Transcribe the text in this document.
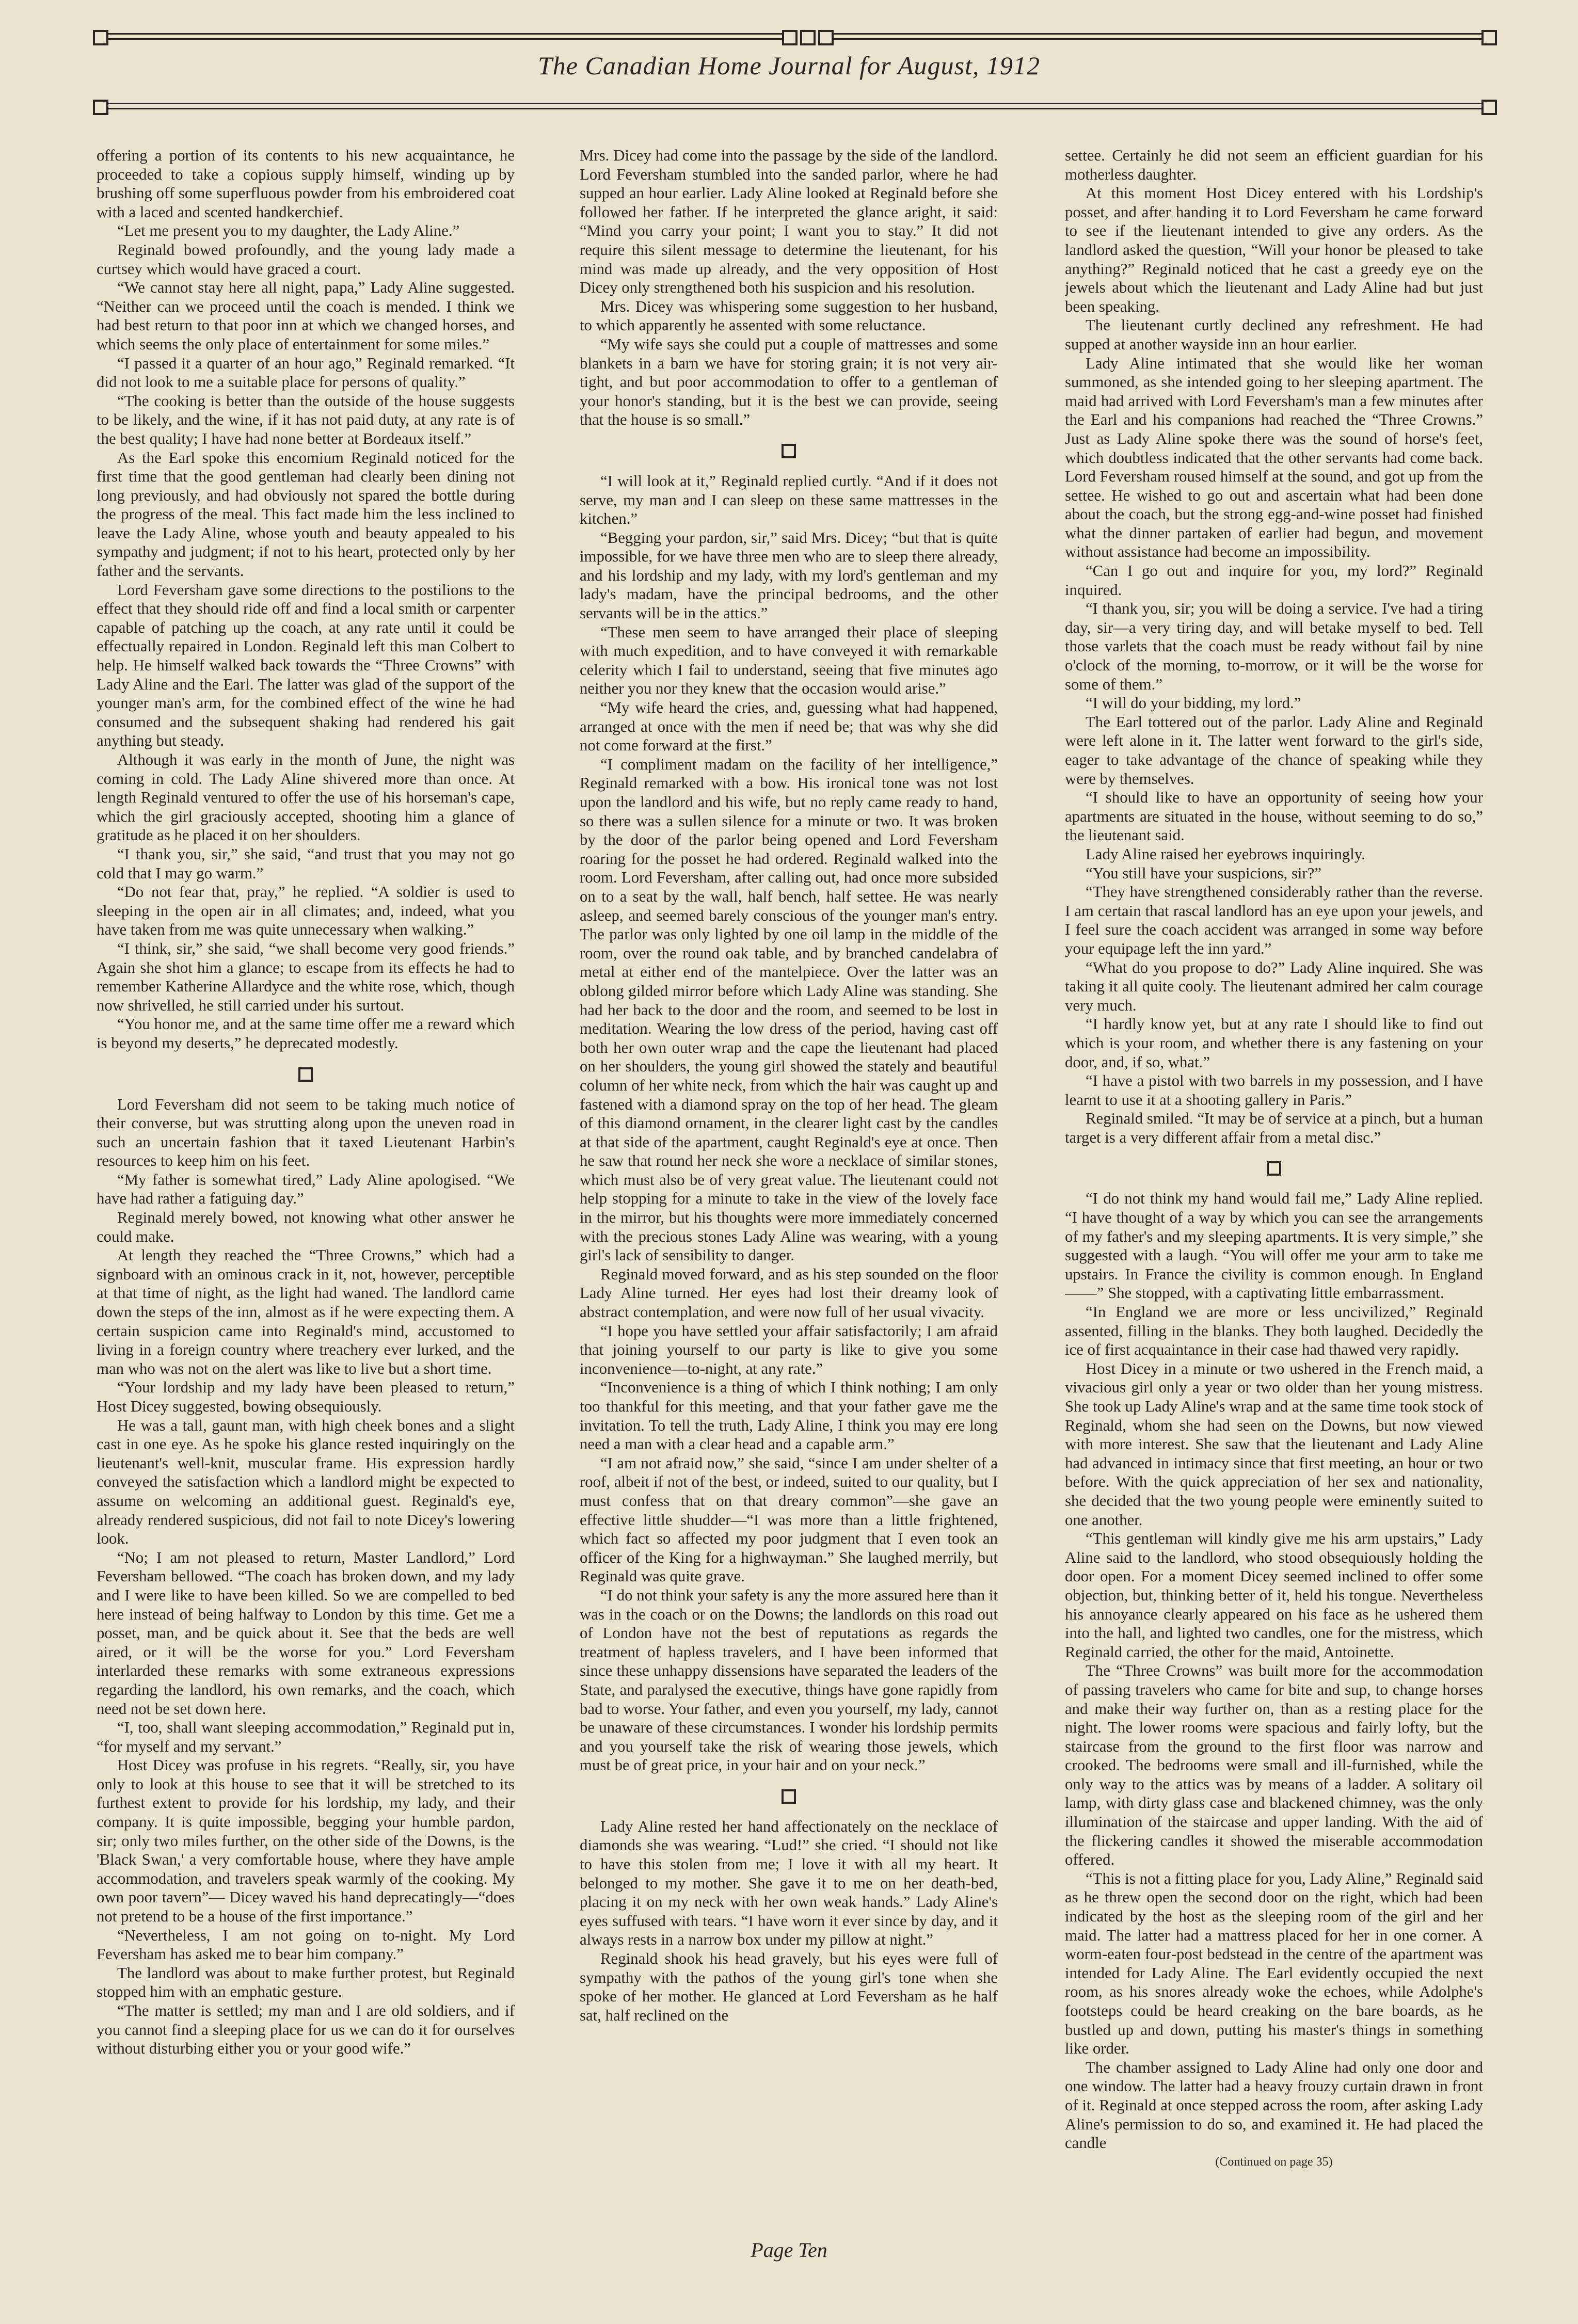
The Canadian Home Journal for August, 1912

offering a portion of its contents to his new acquaintance, he proceeded to take a copious supply himself, winding up by brushing off some superfluous powder from his embroidered coat with a laced and scented handkerchief.

“Let me present you to my daughter, the Lady Aline.”

Reginald bowed profoundly, and the young lady made a curtsey which would have graced a court.

“We cannot stay here all night, papa,” Lady Aline suggested. “Neither can we proceed until the coach is mended. I think we had best return to that poor inn at which we changed horses, and which seems the only place of entertainment for some miles.”

“I passed it a quarter of an hour ago,” Reginald remarked. “It did not look to me a suitable place for persons of quality.”

“The cooking is better than the outside of the house suggests to be likely, and the wine, if it has not paid duty, at any rate is of the best quality; I have had none better at Bordeaux itself.”

As the Earl spoke this encomium Reginald noticed for the first time that the good gentleman had clearly been dining not long previously, and had obviously not spared the bottle during the progress of the meal. This fact made him the less inclined to leave the Lady Aline, whose youth and beauty appealed to his sympathy and judgment; if not to his heart, protected only by her father and the servants.

Lord Feversham gave some directions to the postilions to the effect that they should ride off and find a local smith or carpenter capable of patching up the coach, at any rate until it could be effectually repaired in London. Reginald left this man Colbert to help. He himself walked back towards the “Three Crowns” with Lady Aline and the Earl. The latter was glad of the support of the younger man's arm, for the combined effect of the wine he had consumed and the subsequent shaking had rendered his gait anything but steady.

Although it was early in the month of June, the night was coming in cold. The Lady Aline shivered more than once. At length Reginald ventured to offer the use of his horseman's cape, which the girl graciously accepted, shooting him a glance of gratitude as he placed it on her shoulders.

“I thank you, sir,” she said, “and trust that you may not go cold that I may go warm.”

“Do not fear that, pray,” he replied. “A soldier is used to sleeping in the open air in all climates; and, indeed, what you have taken from me was quite unnecessary when walking.”

“I think, sir,” she said, “we shall become very good friends.” Again she shot him a glance; to escape from its effects he had to remember Katherine Allardyce and the white rose, which, though now shrivelled, he still carried under his surtout.

“You honor me, and at the same time offer me a reward which is beyond my deserts,” he deprecated modestly.

Lord Feversham did not seem to be taking much notice of their converse, but was strutting along upon the uneven road in such an uncertain fashion that it taxed Lieutenant Harbin's resources to keep him on his feet.

“My father is somewhat tired,” Lady Aline apologised. “We have had rather a fatiguing day.”

Reginald merely bowed, not knowing what other answer he could make.

At length they reached the “Three Crowns,” which had a signboard with an ominous crack in it, not, however, perceptible at that time of night, as the light had waned. The landlord came down the steps of the inn, almost as if he were expecting them. A certain suspicion came into Reginald's mind, accustomed to living in a foreign country where treachery ever lurked, and the man who was not on the alert was like to live but a short time.

“Your lordship and my lady have been pleased to return,” Host Dicey suggested, bowing obsequiously.

He was a tall, gaunt man, with high cheek bones and a slight cast in one eye. As he spoke his glance rested inquiringly on the lieutenant's well-knit, muscular frame. His expression hardly conveyed the satisfaction which a landlord might be expected to assume on welcoming an additional guest. Reginald's eye, already rendered suspicious, did not fail to note Dicey's lowering look.

“No; I am not pleased to return, Master Landlord,” Lord Feversham bellowed. “The coach has broken down, and my lady and I were like to have been killed. So we are compelled to bed here instead of being halfway to London by this time. Get me a posset, man, and be quick about it. See that the beds are well aired, or it will be the worse for you.” Lord Feversham interlarded these remarks with some extraneous expressions regarding the landlord, his own remarks, and the coach, which need not be set down here.

“I, too, shall want sleeping accommodation,” Reginald put in, “for myself and my servant.”

Host Dicey was profuse in his regrets. “Really, sir, you have only to look at this house to see that it will be stretched to its furthest extent to provide for his lordship, my lady, and their company. It is quite impossible, begging your humble pardon, sir; only two miles further, on the other side of the Downs, is the 'Black Swan,' a very comfortable house, where they have ample accommodation, and travelers speak warmly of the cooking. My own poor tavern”— Dicey waved his hand deprecatingly—“does not pretend to be a house of the first importance.”

“Nevertheless, I am not going on to-night. My Lord Feversham has asked me to bear him company.”

The landlord was about to make further protest, but Reginald stopped him with an emphatic gesture.

“The matter is settled; my man and I are old soldiers, and if you cannot find a sleeping place for us we can do it for ourselves without disturbing either you or your good wife.”

Mrs. Dicey had come into the passage by the side of the landlord. Lord Feversham stumbled into the sanded parlor, where he had supped an hour earlier. Lady Aline looked at Reginald before she followed her father. If he interpreted the glance aright, it said: “Mind you carry your point; I want you to stay.” It did not require this silent message to determine the lieutenant, for his mind was made up already, and the very opposition of Host Dicey only strengthened both his suspicion and his resolution.

Mrs. Dicey was whispering some suggestion to her husband, to which apparently he assented with some reluctance.

“My wife says she could put a couple of mattresses and some blankets in a barn we have for storing grain; it is not very air-tight, and but poor accommodation to offer to a gentleman of your honor's standing, but it is the best we can provide, seeing that the house is so small.”

“I will look at it,” Reginald replied curtly. “And if it does not serve, my man and I can sleep on these same mattresses in the kitchen.”

“Begging your pardon, sir,” said Mrs. Dicey; “but that is quite impossible, for we have three men who are to sleep there already, and his lordship and my lady, with my lord's gentleman and my lady's madam, have the principal bedrooms, and the other servants will be in the attics.”

“These men seem to have arranged their place of sleeping with much expedition, and to have conveyed it with remarkable celerity which I fail to understand, seeing that five minutes ago neither you nor they knew that the occasion would arise.”

“My wife heard the cries, and, guessing what had happened, arranged at once with the men if need be; that was why she did not come forward at the first.”

“I compliment madam on the facility of her intelligence,” Reginald remarked with a bow. His ironical tone was not lost upon the landlord and his wife, but no reply came ready to hand, so there was a sullen silence for a minute or two. It was broken by the door of the parlor being opened and Lord Feversham roaring for the posset he had ordered. Reginald walked into the room. Lord Feversham, after calling out, had once more subsided on to a seat by the wall, half bench, half settee. He was nearly asleep, and seemed barely conscious of the younger man's entry. The parlor was only lighted by one oil lamp in the middle of the room, over the round oak table, and by branched candelabra of metal at either end of the mantelpiece. Over the latter was an oblong gilded mirror before which Lady Aline was standing. She had her back to the door and the room, and seemed to be lost in meditation. Wearing the low dress of the period, having cast off both her own outer wrap and the cape the lieutenant had placed on her shoulders, the young girl showed the stately and beautiful column of her white neck, from which the hair was caught up and fastened with a diamond spray on the top of her head. The gleam of this diamond ornament, in the clearer light cast by the candles at that side of the apartment, caught Reginald's eye at once. Then he saw that round her neck she wore a necklace of similar stones, which must also be of very great value. The lieutenant could not help stopping for a minute to take in the view of the lovely face in the mirror, but his thoughts were more immediately concerned with the precious stones Lady Aline was wearing, with a young girl's lack of sensibility to danger.

Reginald moved forward, and as his step sounded on the floor Lady Aline turned. Her eyes had lost their dreamy look of abstract contemplation, and were now full of her usual vivacity.

“I hope you have settled your affair satisfactorily; I am afraid that joining yourself to our party is like to give you some inconvenience—to-night, at any rate.”

“Inconvenience is a thing of which I think nothing; I am only too thankful for this meeting, and that your father gave me the invitation. To tell the truth, Lady Aline, I think you may ere long need a man with a clear head and a capable arm.”

“I am not afraid now,” she said, “since I am under shelter of a roof, albeit if not of the best, or indeed, suited to our quality, but I must confess that on that dreary common”—she gave an effective little shudder—“I was more than a little frightened, which fact so affected my poor judgment that I even took an officer of the King for a highwayman.” She laughed merrily, but Reginald was quite grave.

“I do not think your safety is any the more assured here than it was in the coach or on the Downs; the landlords on this road out of London have not the best of reputations as regards the treatment of hapless travelers, and I have been informed that since these unhappy dissensions have separated the leaders of the State, and paralysed the executive, things have gone rapidly from bad to worse. Your father, and even you yourself, my lady, cannot be unaware of these circumstances. I wonder his lordship permits and you yourself take the risk of wearing those jewels, which must be of great price, in your hair and on your neck.”

Lady Aline rested her hand affectionately on the necklace of diamonds she was wearing. “Lud!” she cried. “I should not like to have this stolen from me; I love it with all my heart. It belonged to my mother. She gave it to me on her death-bed, placing it on my neck with her own weak hands.” Lady Aline's eyes suffused with tears. “I have worn it ever since by day, and it always rests in a narrow box under my pillow at night.”

Reginald shook his head gravely, but his eyes were full of sympathy with the pathos of the young girl's tone when she spoke of her mother. He glanced at Lord Feversham as he half sat, half reclined on the

settee. Certainly he did not seem an efficient guardian for his motherless daughter.

At this moment Host Dicey entered with his Lordship's posset, and after handing it to Lord Feversham he came forward to see if the lieutenant intended to give any orders. As the landlord asked the question, “Will your honor be pleased to take anything?” Reginald noticed that he cast a greedy eye on the jewels about which the lieutenant and Lady Aline had but just been speaking.

The lieutenant curtly declined any refreshment. He had supped at another wayside inn an hour earlier.

Lady Aline intimated that she would like her woman summoned, as she intended going to her sleeping apartment. The maid had arrived with Lord Feversham's man a few minutes after the Earl and his companions had reached the “Three Crowns.” Just as Lady Aline spoke there was the sound of horse's feet, which doubtless indicated that the other servants had come back. Lord Feversham roused himself at the sound, and got up from the settee. He wished to go out and ascertain what had been done about the coach, but the strong egg-and-wine posset had finished what the dinner partaken of earlier had begun, and movement without assistance had become an impossibility.

“Can I go out and inquire for you, my lord?” Reginald inquired.

“I thank you, sir; you will be doing a service. I've had a tiring day, sir—a very tiring day, and will betake myself to bed. Tell those varlets that the coach must be ready without fail by nine o'clock of the morning, to-morrow, or it will be the worse for some of them.”

“I will do your bidding, my lord.”

The Earl tottered out of the parlor. Lady Aline and Reginald were left alone in it. The latter went forward to the girl's side, eager to take advantage of the chance of speaking while they were by themselves.

“I should like to have an opportunity of seeing how your apartments are situated in the house, without seeming to do so,” the lieutenant said.

Lady Aline raised her eyebrows inquiringly.

“You still have your suspicions, sir?”

“They have strengthened considerably rather than the reverse. I am certain that rascal landlord has an eye upon your jewels, and I feel sure the coach accident was arranged in some way before your equipage left the inn yard.”

“What do you propose to do?” Lady Aline inquired. She was taking it all quite cooly. The lieutenant admired her calm courage very much.

“I hardly know yet, but at any rate I should like to find out which is your room, and whether there is any fastening on your door, and, if so, what.”

“I have a pistol with two barrels in my possession, and I have learnt to use it at a shooting gallery in Paris.”

Reginald smiled. “It may be of service at a pinch, but a human target is a very different affair from a metal disc.”

“I do not think my hand would fail me,” Lady Aline replied. “I have thought of a way by which you can see the arrangements of my father's and my sleeping apartments. It is very simple,” she suggested with a laugh. “You will offer me your arm to take me upstairs. In France the civility is common enough. In England——” She stopped, with a captivating little embarrassment.

“In England we are more or less uncivilized,” Reginald assented, filling in the blanks. They both laughed. Decidedly the ice of first acquaintance in their case had thawed very rapidly.

Host Dicey in a minute or two ushered in the French maid, a vivacious girl only a year or two older than her young mistress. She took up Lady Aline's wrap and at the same time took stock of Reginald, whom she had seen on the Downs, but now viewed with more interest. She saw that the lieutenant and Lady Aline had advanced in intimacy since that first meeting, an hour or two before. With the quick appreciation of her sex and nationality, she decided that the two young people were eminently suited to one another.

“This gentleman will kindly give me his arm upstairs,” Lady Aline said to the landlord, who stood obsequiously holding the door open. For a moment Dicey seemed inclined to offer some objection, but, thinking better of it, held his tongue. Nevertheless his annoyance clearly appeared on his face as he ushered them into the hall, and lighted two candles, one for the mistress, which Reginald carried, the other for the maid, Antoinette.

The “Three Crowns” was built more for the accommodation of passing travelers who came for bite and sup, to change horses and make their way further on, than as a resting place for the night. The lower rooms were spacious and fairly lofty, but the staircase from the ground to the first floor was narrow and crooked. The bedrooms were small and ill-furnished, while the only way to the attics was by means of a ladder. A solitary oil lamp, with dirty glass case and blackened chimney, was the only illumination of the staircase and upper landing. With the aid of the flickering candles it showed the miserable accommodation offered.

“This is not a fitting place for you, Lady Aline,” Reginald said as he threw open the second door on the right, which had been indicated by the host as the sleeping room of the girl and her maid. The latter had a mattress placed for her in one corner. A worm-eaten four-post bedstead in the centre of the apartment was intended for Lady Aline. The Earl evidently occupied the next room, as his snores already woke the echoes, while Adolphe's footsteps could be heard creaking on the bare boards, as he bustled up and down, putting his master's things in something like order.

The chamber assigned to Lady Aline had only one door and one window. The latter had a heavy frouzy curtain drawn in front of it. Reginald at once stepped across the room, after asking Lady Aline's permission to do so, and examined it. He had placed the candle

(Continued on page 35)

Page Ten
